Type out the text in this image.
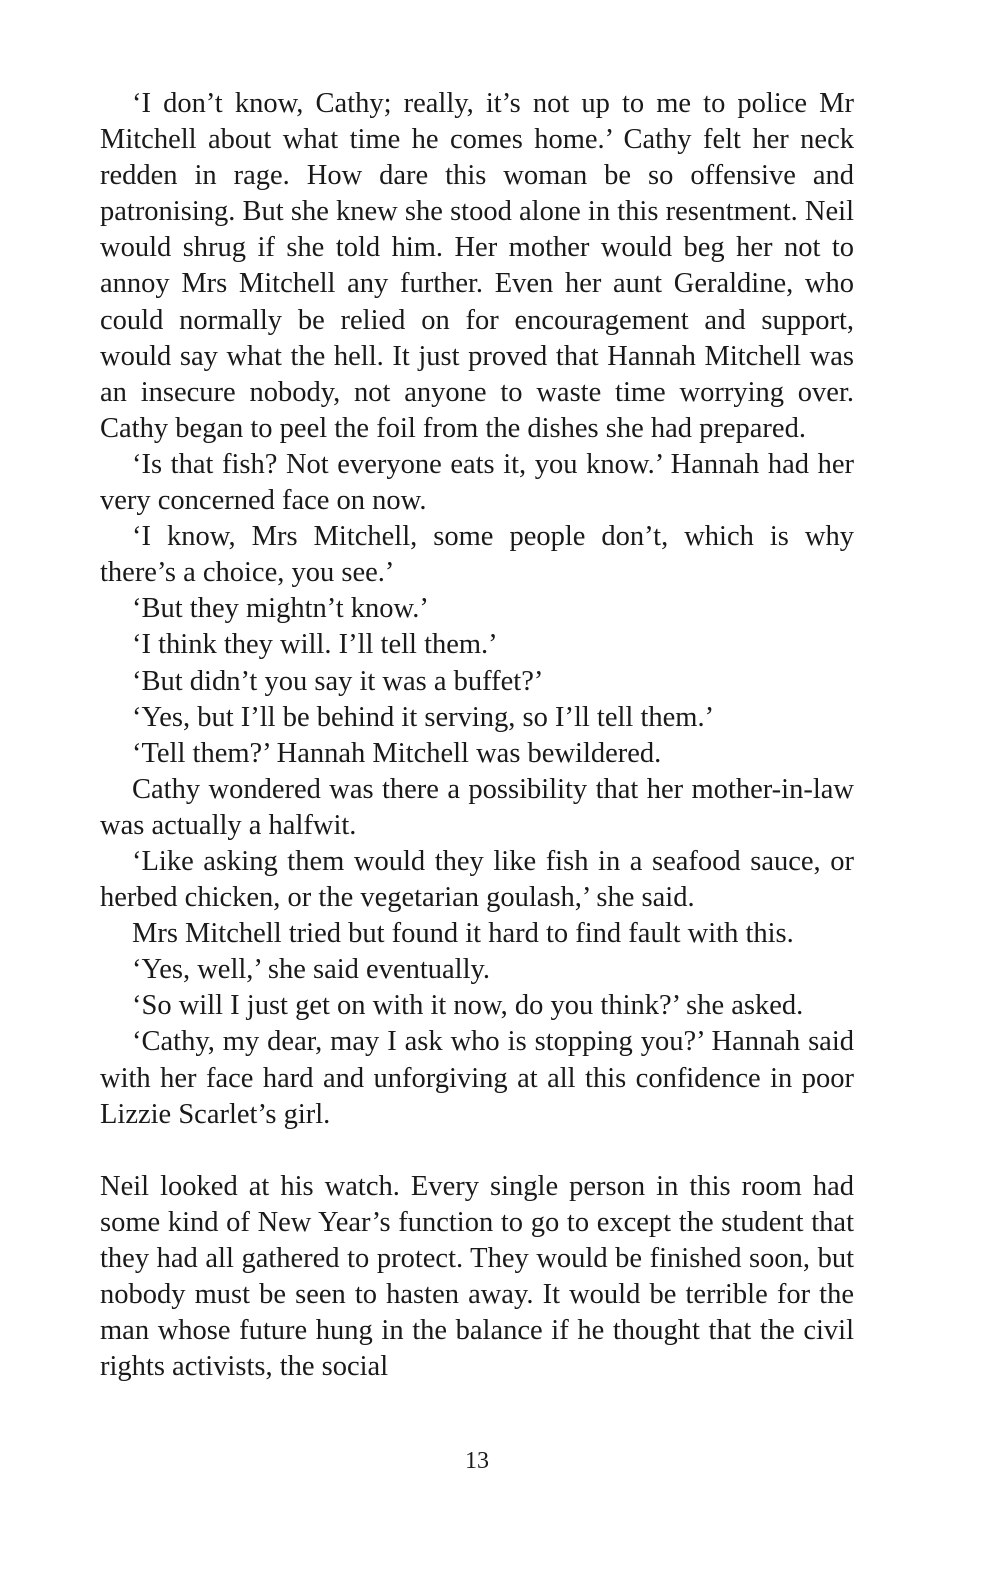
‘I don’t know, Cathy; really, it’s not up to me to police Mr Mitchell about what time he comes home.’ Cathy felt her neck redden in rage. How dare this woman be so offensive and patronising. But she knew she stood alone in this resentment. Neil would shrug if she told him. Her mother would beg her not to annoy Mrs Mitchell any further. Even her aunt Geraldine, who could normally be relied on for encouragement and support, would say what the hell. It just proved that Hannah Mitchell was an insecure nobody, not anyone to waste time worrying over. Cathy began to peel the foil from the dishes she had prepared.

‘Is that fish? Not everyone eats it, you know.’ Hannah had her very concerned face on now.

‘I know, Mrs Mitchell, some people don’t, which is why there’s a choice, you see.’

‘But they mightn’t know.’

‘I think they will. I’ll tell them.’

‘But didn’t you say it was a buffet?’

‘Yes, but I’ll be behind it serving, so I’ll tell them.’

‘Tell them?’ Hannah Mitchell was bewildered.

Cathy wondered was there a possibility that her mother-in-law was actually a halfwit.

‘Like asking them would they like fish in a seafood sauce, or herbed chicken, or the vegetarian goulash,’ she said.

Mrs Mitchell tried but found it hard to find fault with this.

‘Yes, well,’ she said eventually.

‘So will I just get on with it now, do you think?’ she asked.

‘Cathy, my dear, may I ask who is stopping you?’ Hannah said with her face hard and unforgiving at all this confidence in poor Lizzie Scarlet’s girl.

Neil looked at his watch. Every single person in this room had some kind of New Year’s function to go to except the student that they had all gathered to protect. They would be finished soon, but nobody must be seen to hasten away. It would be terrible for the man whose future hung in the balance if he thought that the civil rights activists, the social

13
